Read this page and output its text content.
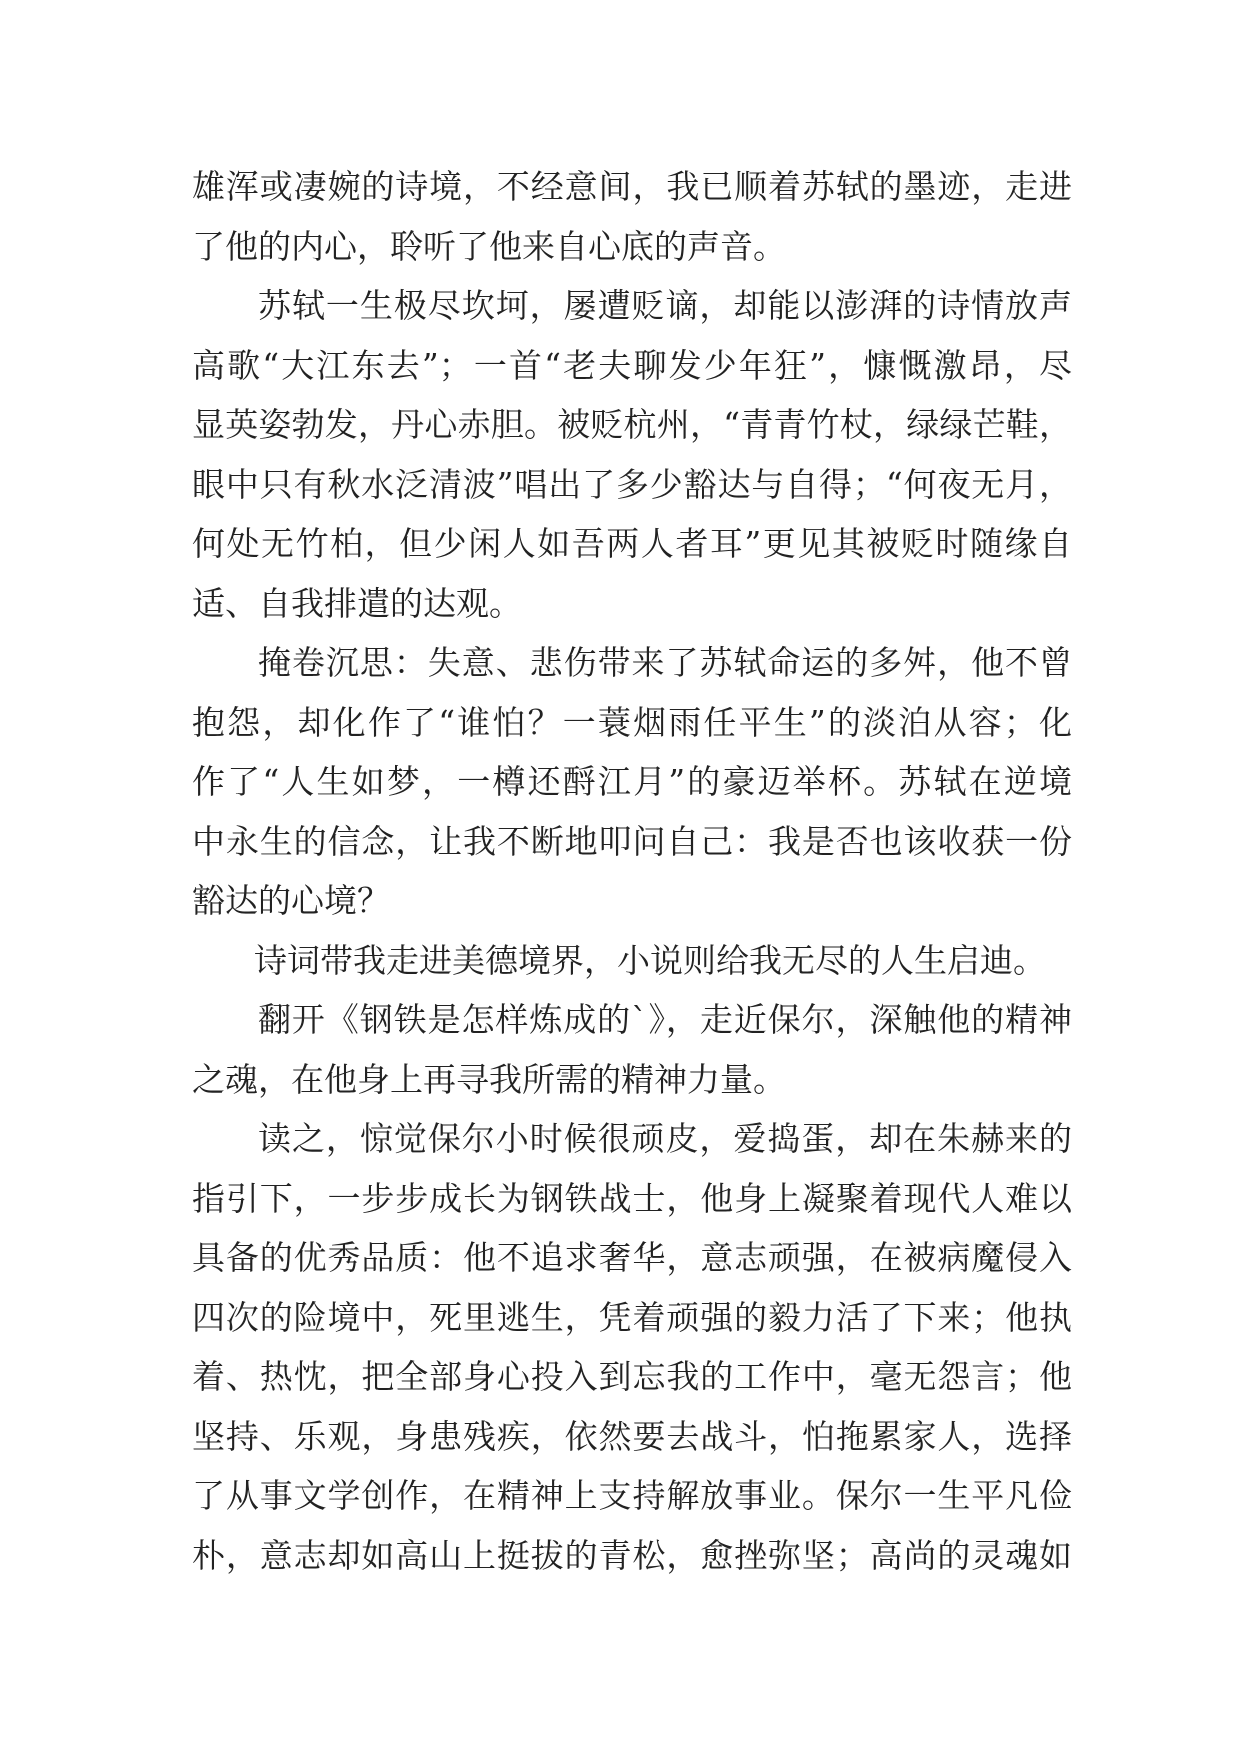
雄浑或凄婉的诗境，不经意间，我已顺着苏轼的墨迹，走进
了他的内心，聆听了他来自心底的声音。
苏轼一生极尽坎坷，屡遭贬谪，却能以澎湃的诗情放声
高歌“大江东去”；一首“老夫聊发少年狂”，慷慨激昂，尽
显英姿勃发，丹心赤胆。被贬杭州，“青青竹杖，绿绿芒鞋，
眼中只有秋水泛清波”唱出了多少豁达与自得；“何夜无月，
何处无竹柏，但少闲人如吾两人者耳”更见其被贬时随缘自
适、自我排遣的达观。
掩卷沉思：失意、悲伤带来了苏轼命运的多舛，他不曾
抱怨，却化作了“谁怕？一蓑烟雨任平生”的淡泊从容；化
作了“人生如梦，一樽还酹江月”的豪迈举杯。苏轼在逆境
中永生的信念，让我不断地叩问自己：我是否也该收获一份
豁达的心境？
诗词带我走进美德境界，小说则给我无尽的人生启迪。
翻开《钢铁是怎样炼成的`》，走近保尔，深触他的精神
之魂，在他身上再寻我所需的精神力量。
读之，惊觉保尔小时候很顽皮，爱捣蛋，却在朱赫来的
指引下，一步步成长为钢铁战士，他身上凝聚着现代人难以
具备的优秀品质：他不追求奢华，意志顽强，在被病魔侵入
四次的险境中，死里逃生，凭着顽强的毅力活了下来；他执
着、热忱，把全部身心投入到忘我的工作中，毫无怨言；他
坚持、乐观，身患残疾，依然要去战斗，怕拖累家人，选择
了从事文学创作，在精神上支持解放事业。保尔一生平凡俭
朴，意志却如高山上挺拔的青松，愈挫弥坚；高尚的灵魂如
